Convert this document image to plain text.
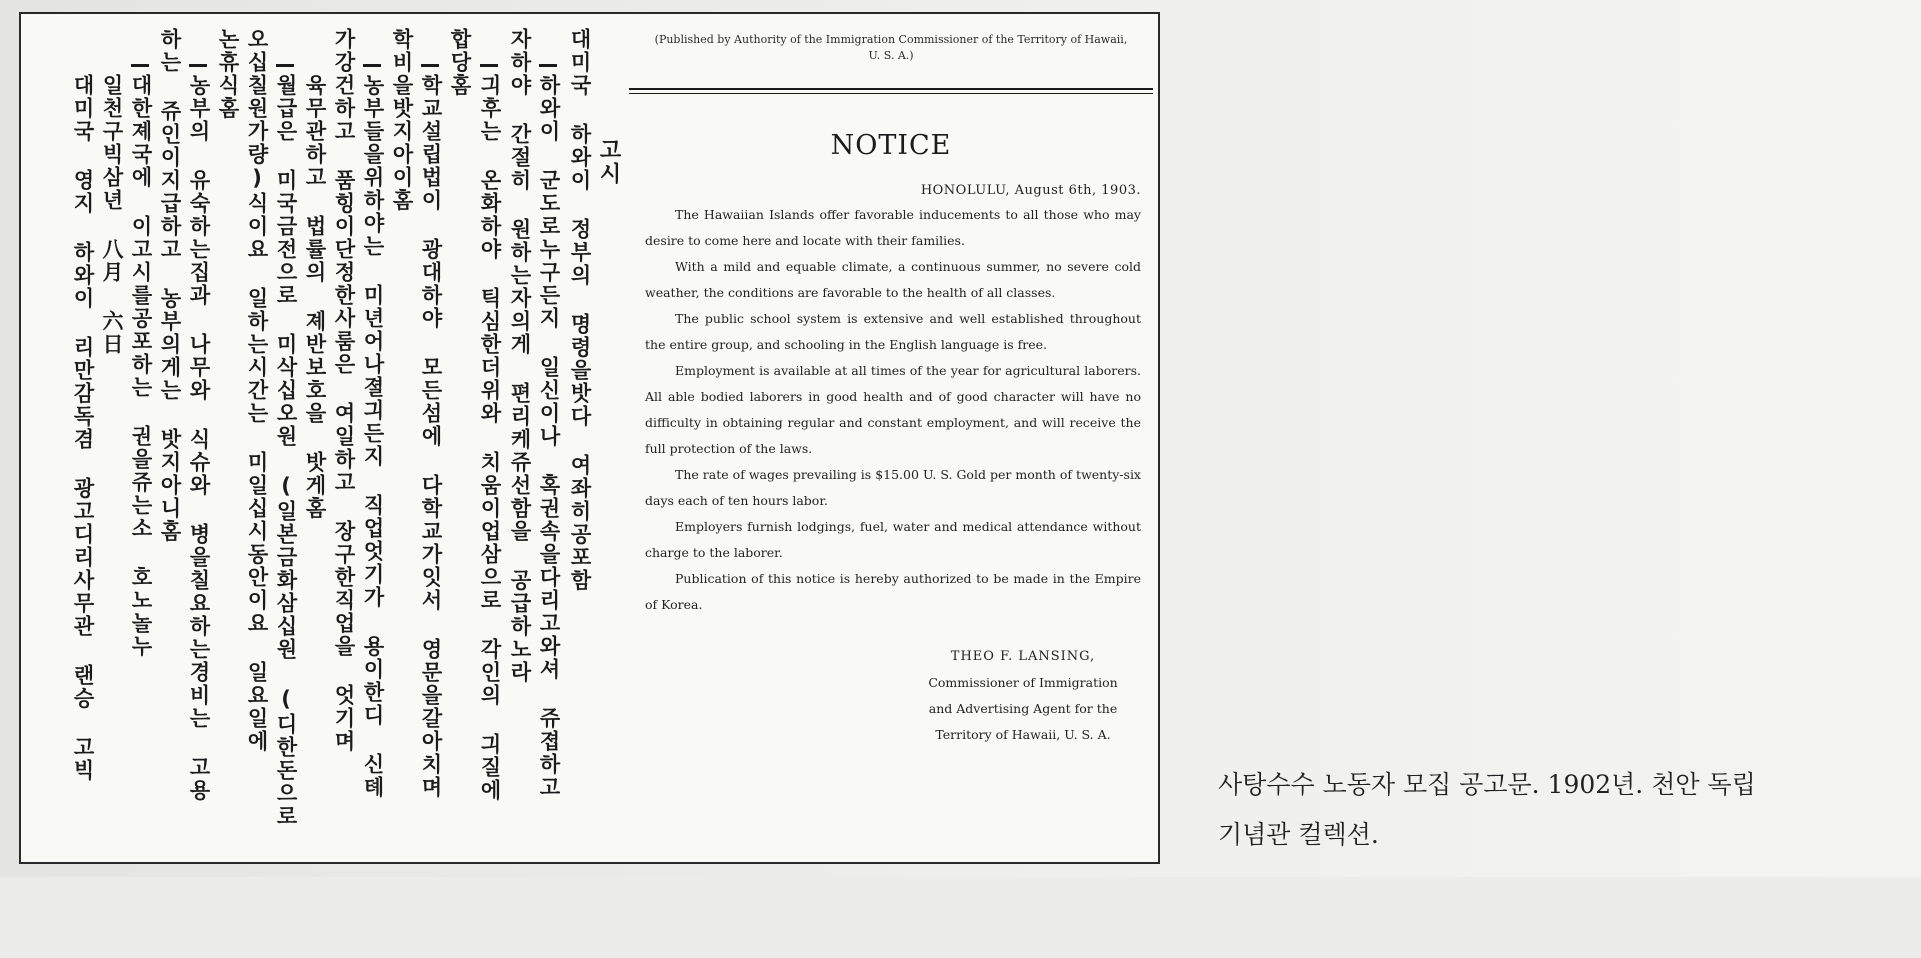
고시
대미국 하와이 정부의 명령을밧다 여좌히공포함
하와이 군도로누구든지 일신이나 혹권속을다리고와셔 쥬졉하고
자하야 간절히 원하는자의게 편리케쥬선함을 공급하노라
긔후는 온화하야 틱심한더위와 치움이업삼으로 각인의 긔질에
합당홈
학교설립법이 광대하야 모든섬에 다학교가잇서 영문을갈아치며
학비을밧지아이홈
농부들을위하야는 미년어나졀긔든지 직업엇기가 용이한디 신톄
가강건하고 품힝이단정한사룸은 여일하고 장구한직업을 엇기며
육무관하고 법률의 졔반보호을 밧게홈
월급은 미국금전으로 미삭십오원 (일본금화삼십원 (디한돈으로
오십칠원가량)식이요 일하는시간는 미일십시동안이요 일요일에
논휴식홈
농부의 유숙하는집과 나무와 식슈와 병을칠요하는경비는 고용
하는 쥬인이지급하고 농부의게는 밧지아니홈
대한졔국에 이고시를공포하는 권을쥬는소 호노놀누
일천구빅삼년 八月 六日
대미국 영지 하와이 리만감독겸 광고디리사무관 랜승 고빅
(Published by Authority of the Immigration Commissioner of the Territory of Hawaii, U. S. A.)
NOTICE
HONOLULU, August 6th, 1903.

The Hawaiian Islands offer favorable inducements to all those who may desire to come here and locate with their families.

With a mild and equable climate, a continuous summer, no severe cold weather, the conditions are favorable to the health of all classes.

The public school system is extensive and well established throughout the entire group, and schooling in the English language is free.

Employment is available at all times of the year for agricultural laborers. All able bodied laborers in good health and of good character will have no difficulty in obtaining regular and constant employment, and will receive the full protection of the laws.

The rate of wages prevailing is $15.00 U. S. Gold per month of twenty-six days each of ten hours labor.

Employers furnish lodgings, fuel, water and medical attendance without charge to the laborer.

Publication of this notice is hereby authorized to be made in the Empire of Korea.

THEO F. LANSING,
Commissioner of Immigration
and Advertising Agent for the
Territory of Hawaii, U. S. A.
사탕수수 노동자 모집 공고문. 1902년. 천안 독립
기념관 컬렉션.
